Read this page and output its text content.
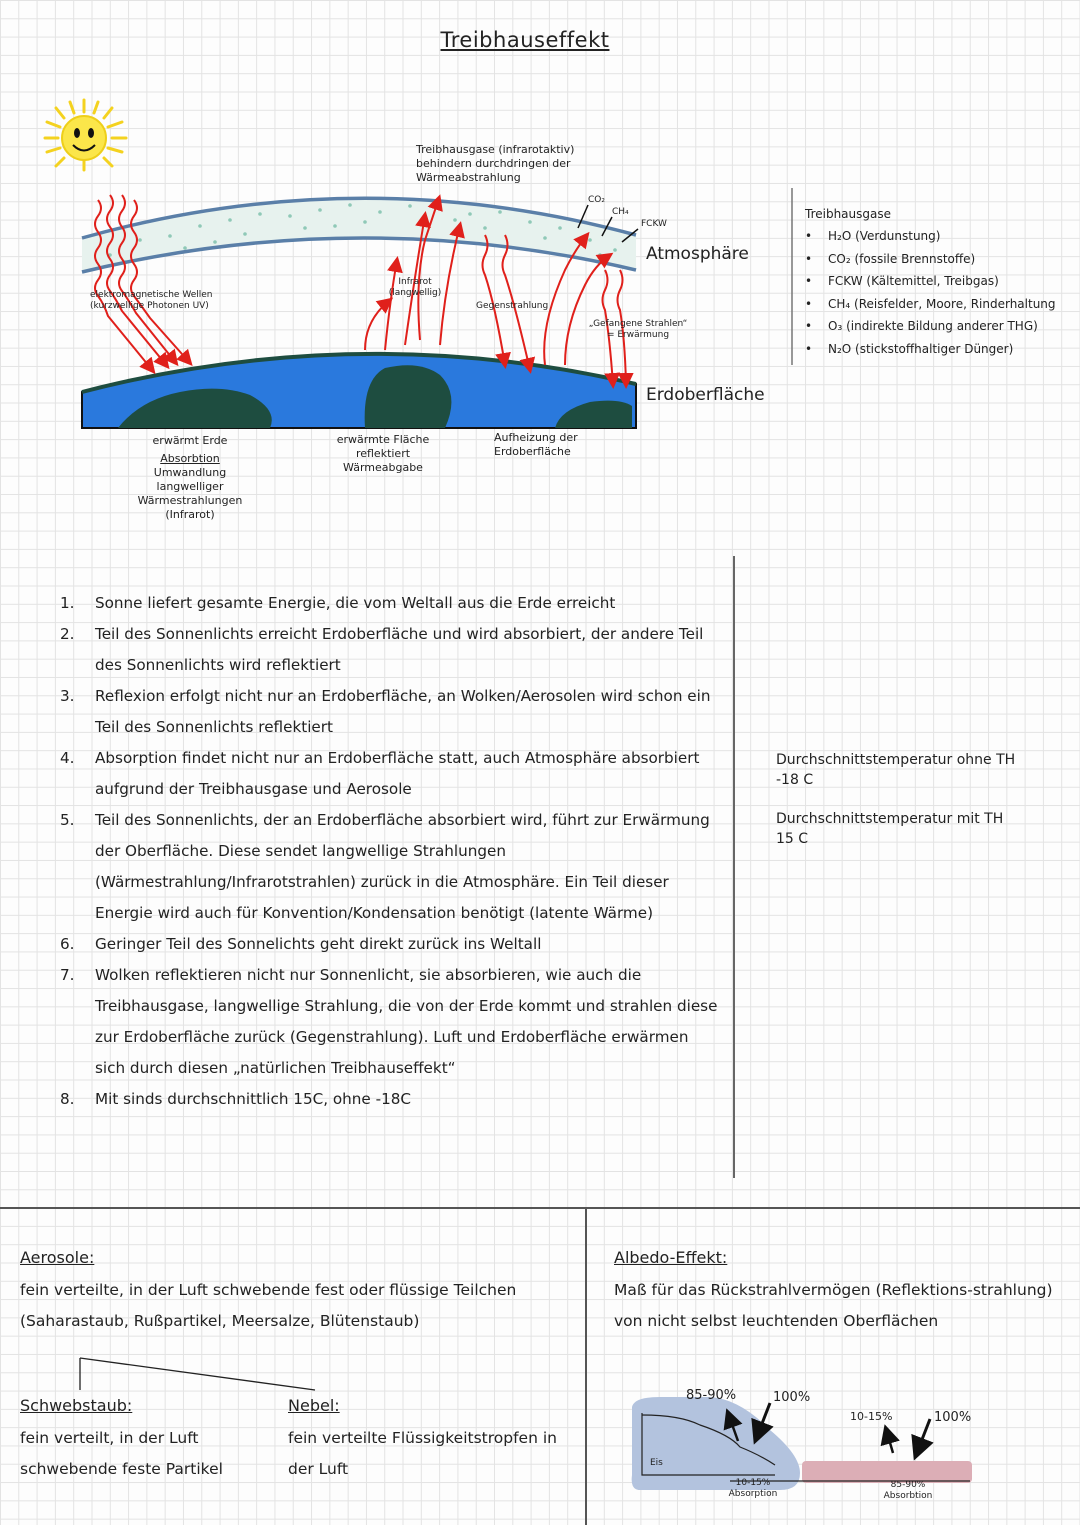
Treibhauseffekt
Treibhausgase (infrarotaktiv)
behindern durchdringen der
Wärmeabstrahlung
CO₂
CH₄
FCKW
Atmosphäre
Erdoberfläche
elektromagnetische Wellen
(kurzwellige Photonen UV)
Infrarot
(langwellig)
Gegenstrahlung
„Gefangene Strahlen“
= Erwärmung
erwärmt Erde
Absorbtion
Umwandlung
langwelliger
Wärmestrahlungen
(Infrarot)
erwärmte Fläche
reflektiert
Wärmeabgabe
Aufheizung der
Erdoberfläche
Treibhausgase
• H₂O (Verdunstung)
• CO₂ (fossile Brennstoffe)
• FCKW (Kältemittel, Treibgas)
• CH₄ (Reisfelder, Moore, Rinderhaltung
• O₃ (indirekte Bildung anderer THG)
• N₂O (stickstoffhaltiger Dünger)
1. Sonne liefert gesamte Energie, die vom Weltall aus die Erde erreicht
2. Teil des Sonnenlichts erreicht Erdoberfläche und wird absorbiert, der andere Teil des Sonnenlichts wird reflektiert
3. Reflexion erfolgt nicht nur an Erdoberfläche, an Wolken/Aerosolen wird schon ein Teil des Sonnenlichts reflektiert
4. Absorption findet nicht nur an Erdoberfläche statt, auch Atmosphäre absorbiert aufgrund der Treibhausgase und Aerosole
5. Teil des Sonnenlichts, der an Erdoberfläche absorbiert wird, führt zur Erwärmung der Oberfläche. Diese sendet langwellige Strahlungen (Wärmestrahlung/Infrarotstrahlen) zurück in die Atmosphäre. Ein Teil dieser Energie wird auch für Konvention/Kondensation benötigt (latente Wärme)
6. Geringer Teil des Sonnelichts geht direkt zurück ins Weltall
7. Wolken reflektieren nicht nur Sonnenlicht, sie absorbieren, wie auch die Treibhausgase, langwellige Strahlung, die von der Erde kommt und strahlen diese zur Erdoberfläche zurück (Gegenstrahlung). Luft und Erdoberfläche erwärmen sich durch diesen „natürlichen Treibhauseffekt“
8. Mit sinds durchschnittlich 15C, ohne -18C
Durchschnittstemperatur ohne TH
-18 C
Durchschnittstemperatur mit TH
15 C
Aerosole:
fein verteilte, in der Luft schwebende fest oder flüssige Teilchen (Saharastaub, Rußpartikel, Meersalze, Blütenstaub)
Schwebstaub:
fein verteilt, in der Luft schwebende feste Partikel
Nebel:
fein verteilte Flüssigkeitstropfen in der Luft
Albedo-Effekt:
Maß für das Rückstrahlvermögen (Reflektions-strahlung) von nicht selbst leuchtenden Oberflächen
85-90%	100%
Eis
10-15%
Absorption
10-15%	100%
85-90%
Absorbtion
